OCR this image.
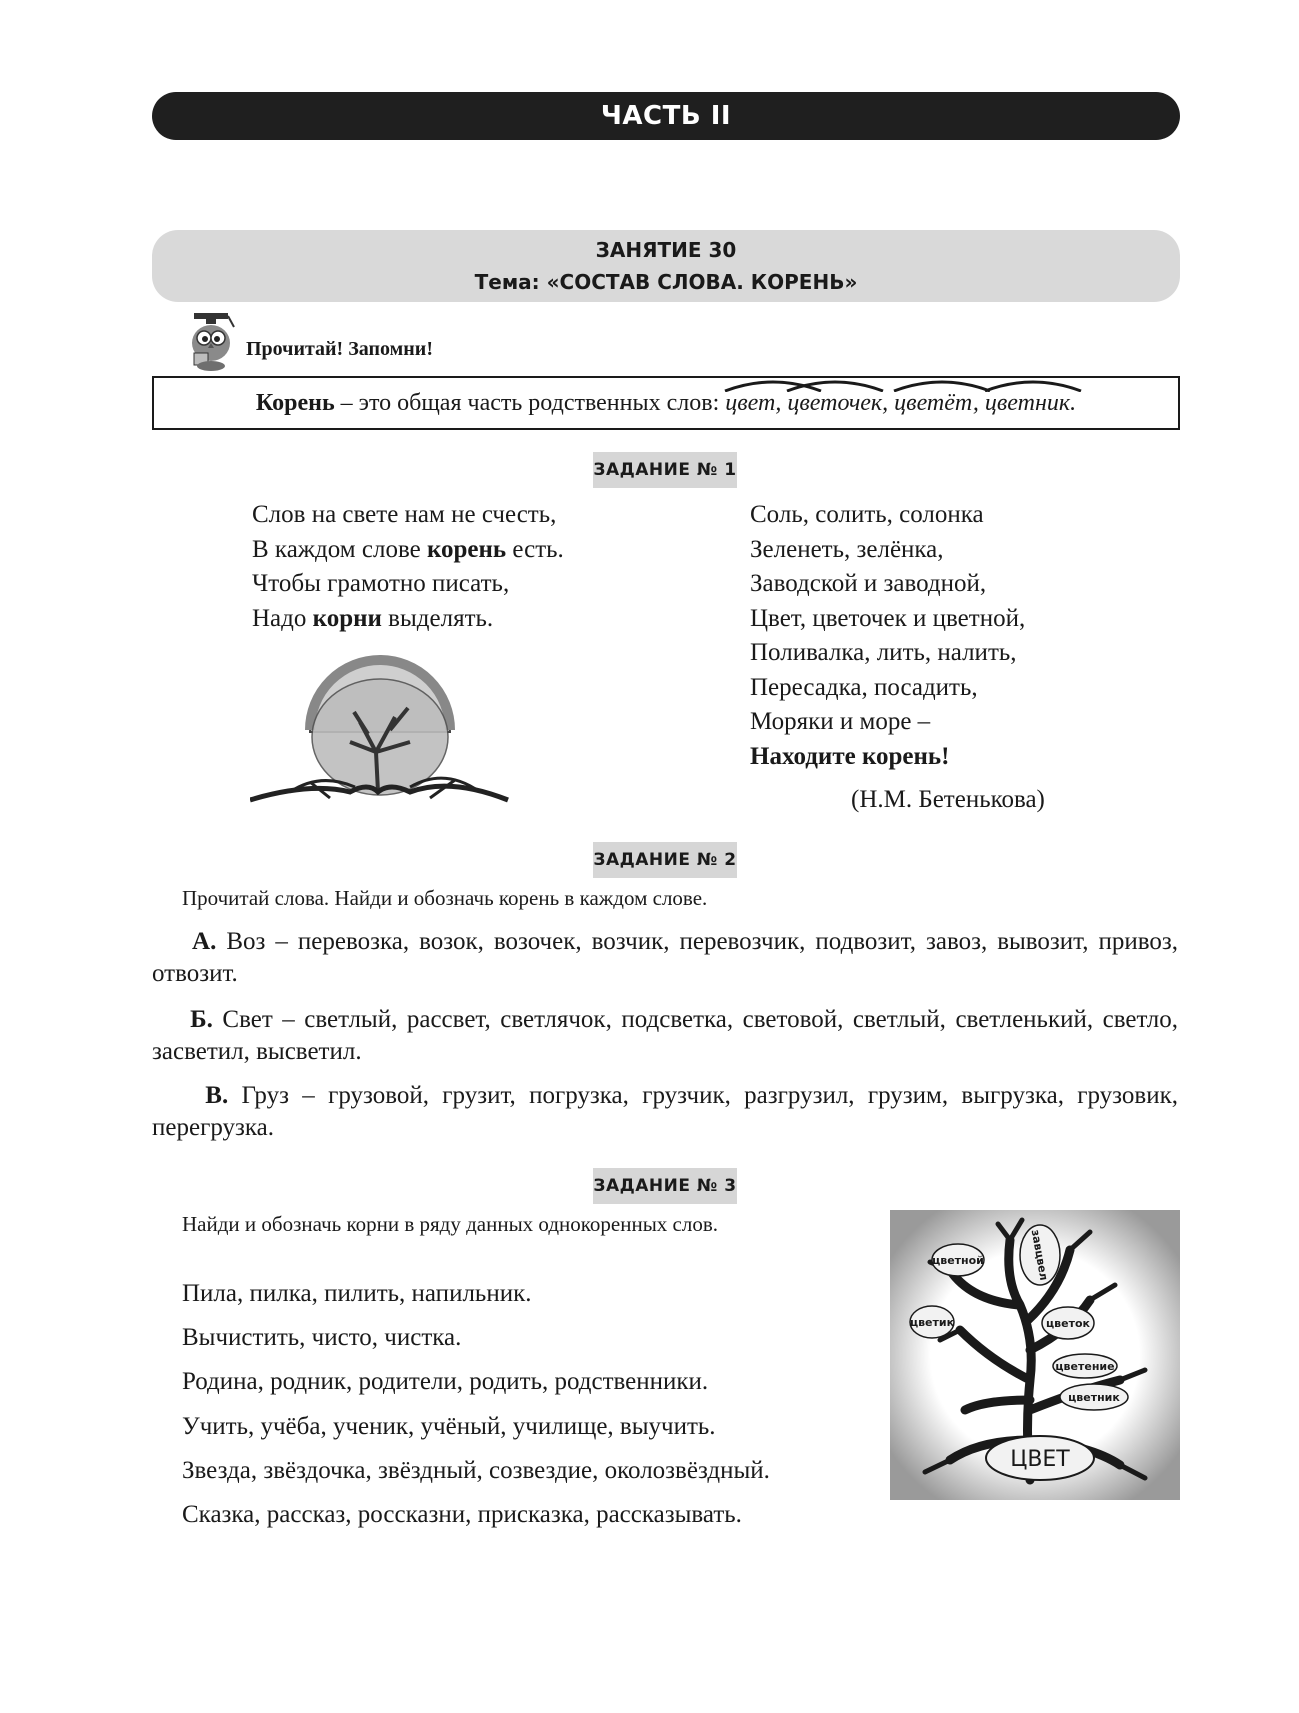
ЧАСТЬ II
ЗАНЯТИЕ 30
Тема: «СОСТАВ СЛОВА. КОРЕНЬ»
Прочитай! Запомни!
Корень – это общая часть родственных слов: цвет ,
цвет очек,
цвет ёт,
цвет ник.
ЗАДАНИЕ № 1
Слов на свете нам не счесть,
В каждом слове корень есть.
Чтобы грамотно писать,
Надо корни выделять.
Соль, солить, солонка
Зеленеть, зелёнка,
Заводской и заводной,
Цвет, цветочек и цветной,
Поливалка, лить, налить,
Пересадка, посадить,
Моряки и море –
Находите корень!
(Н.М. Бетенькова)
ЗАДАНИЕ № 2
Прочитай слова. Найди и обозначь корень в каждом слове.
А. Воз – перевозка, возок, возочек, возчик, перевозчик, подвозит, завоз, вывозит, привоз, отвозит.
Б. Свет – светлый, рассвет, светлячок, подсветка, световой, светлый, светленький, светло, засветил, высветил.
В. Груз – грузовой, грузит, погрузка, грузчик, разгрузил, грузим, выгрузка, грузовик, перегрузка.
ЗАДАНИЕ № 3
Найди и обозначь корни в ряду данных однокоренных слов.
Пила, пилка, пилить, напильник.
Вычистить, чисто, чистка.
Родина, родник, родители, родить, родственники.
Учить, учёба, ученик, учёный, училище, выучить.
Звезда, звёздочка, звёздный, созвездие, околозвёздный.
Сказка, рассказ, россказни, присказка, рассказывать.
цветной	завцвел
цветик	цветок
цветение
цветник
ЦВЕТ
